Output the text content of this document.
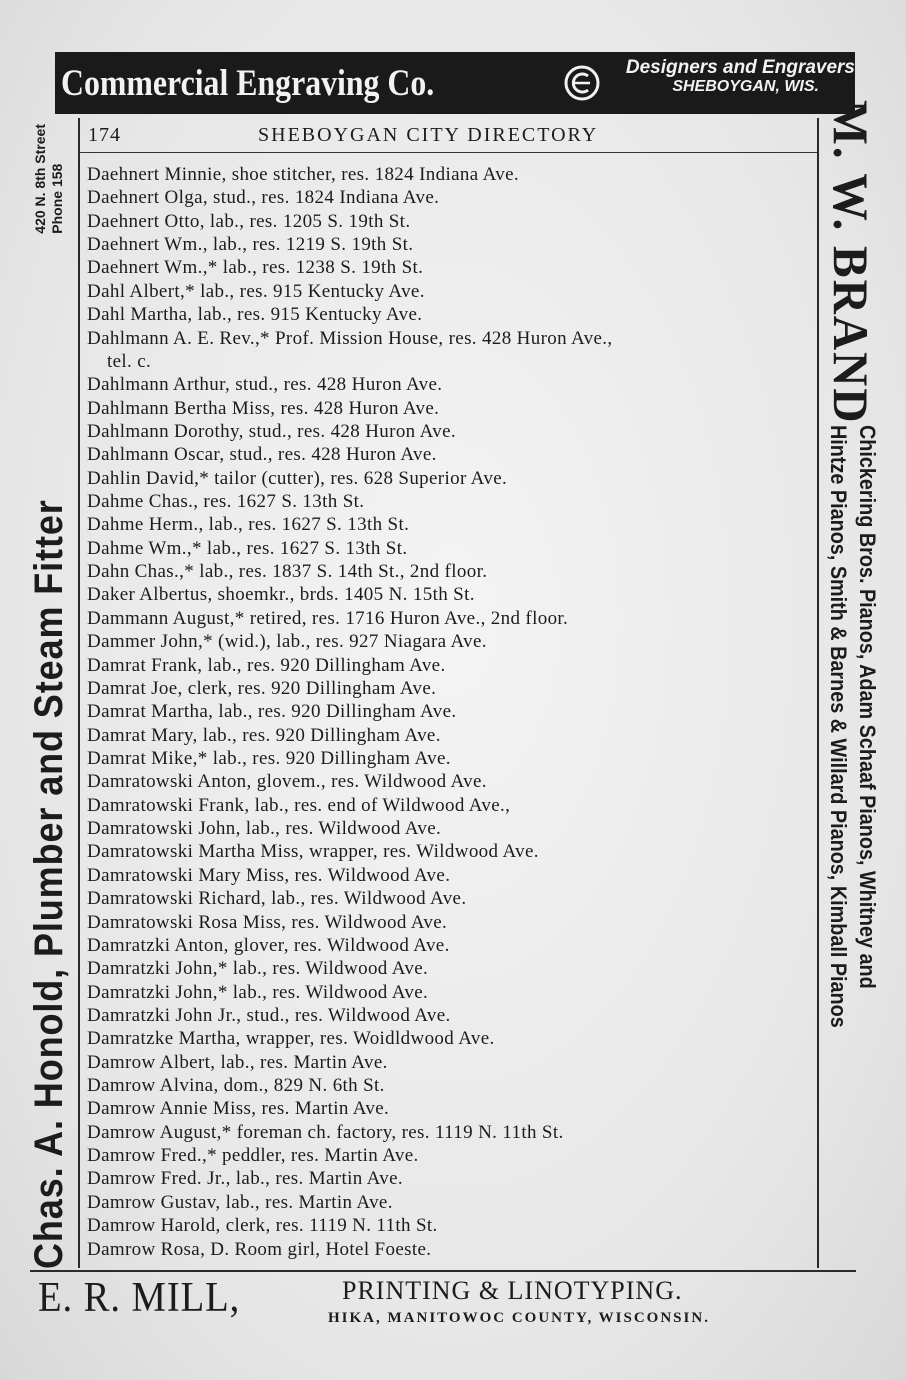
Commercial Engraving Co.	Designers and Engravers
SHEBOYGAN, WIS.
Chas. A. Honold, Plumber and Steam Fitter
420 N. 8th Street
Phone 158	M. W. BRAND
Chickering Bros. Pianos, Adam Schaaf Pianos, Whitney and
Hintze Pianos, Smith & Barnes & Willard Pianos, Kimball Pianos
174	SHEBOYGAN CITY DIRECTORY
Daehnert Minnie, shoe stitcher, res. 1824 Indiana Ave.
Daehnert Olga, stud., res. 1824 Indiana Ave.
Daehnert Otto, lab., res. 1205 S. 19th St.
Daehnert Wm., lab., res. 1219 S. 19th St.
Daehnert Wm.,* lab., res. 1238 S. 19th St.
Dahl Albert,* lab., res. 915 Kentucky Ave.
Dahl Martha, lab., res. 915 Kentucky Ave.
Dahlmann A. E. Rev.,* Prof. Mission House, res. 428 Huron Ave.,
tel. c.
Dahlmann Arthur, stud., res. 428 Huron Ave.
Dahlmann Bertha Miss, res. 428 Huron Ave.
Dahlmann Dorothy, stud., res. 428 Huron Ave.
Dahlmann Oscar, stud., res. 428 Huron Ave.
Dahlin David,* tailor (cutter), res. 628 Superior Ave.
Dahme Chas., res. 1627 S. 13th St.
Dahme Herm., lab., res. 1627 S. 13th St.
Dahme Wm.,* lab., res. 1627 S. 13th St.
Dahn Chas.,* lab., res. 1837 S. 14th St., 2nd floor.
Daker Albertus, shoemkr., brds. 1405 N. 15th St.
Dammann August,* retired, res. 1716 Huron Ave., 2nd floor.
Dammer John,* (wid.), lab., res. 927 Niagara Ave.
Damrat Frank, lab., res. 920 Dillingham Ave.
Damrat Joe, clerk, res. 920 Dillingham Ave.
Damrat Martha, lab., res. 920 Dillingham Ave.
Damrat Mary, lab., res. 920 Dillingham Ave.
Damrat Mike,* lab., res. 920 Dillingham Ave.
Damratowski Anton, glovem., res. Wildwood Ave.
Damratowski Frank, lab., res. end of Wildwood Ave.,
Damratowski John, lab., res. Wildwood Ave.
Damratowski Martha Miss, wrapper, res. Wildwood Ave.
Damratowski Mary Miss, res. Wildwood Ave.
Damratowski Richard, lab., res. Wildwood Ave.
Damratowski Rosa Miss, res. Wildwood Ave.
Damratzki Anton, glover, res. Wildwood Ave.
Damratzki John,* lab., res. Wildwood Ave.
Damratzki John,* lab., res. Wildwood Ave.
Damratzki John Jr., stud., res. Wildwood Ave.
Damratzke Martha, wrapper, res. Woidldwood Ave.
Damrow Albert, lab., res. Martin Ave.
Damrow Alvina, dom., 829 N. 6th St.
Damrow Annie Miss, res. Martin Ave.
Damrow August,* foreman ch. factory, res. 1119 N. 11th St.
Damrow Fred.,* peddler, res. Martin Ave.
Damrow Fred. Jr., lab., res. Martin Ave.
Damrow Gustav, lab., res. Martin Ave.
Damrow Harold, clerk, res. 1119 N. 11th St.
Damrow Rosa, D. Room girl, Hotel Foeste.
E. R. MILL,	PRINTING & LINOTYPING.
HIKA, MANITOWOC COUNTY, WISCONSIN.
